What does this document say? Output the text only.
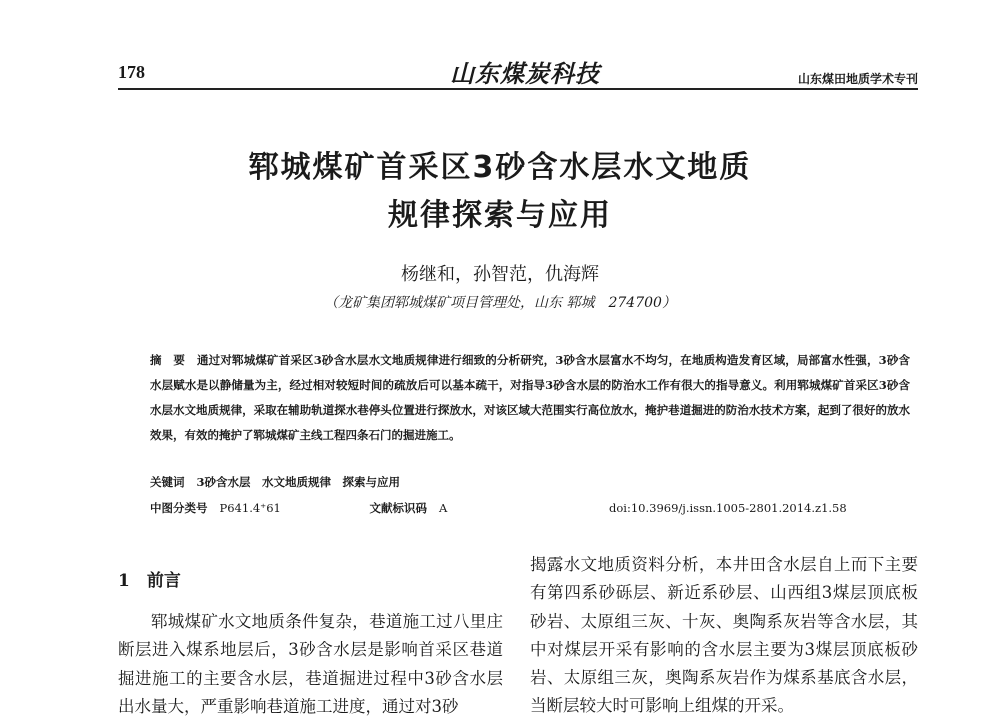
178	山东煤炭科技	山东煤田地质学术专刊
郓城煤矿首采区3砂含水层水文地质
规律探索与应用
杨继和，孙智范，仇海辉
（龙矿集团郓城煤矿项目管理处，山东 郓城　274700）
摘　要 通过对郓城煤矿首采区3砂含水层水文地质规律进行细致的分析研究，3砂含水层富水不均匀，在地质构造发育区域，局部富水性强，3砂含水层赋水是以静储量为主，经过相对较短时间的疏放后可以基本疏干，对指导3砂含水层的防治水工作有很大的指导意义。利用郓城煤矿首采区3砂含水层水文地质规律，采取在辅助轨道探水巷停头位置进行探放水，对该区域大范围实行高位放水，掩护巷道掘进的防治水技术方案，起到了很好的放水效果，有效的掩护了郓城煤矿主线工程四条石门的掘进施工。
关键词 3砂含水层　水文地质规律　探索与应用
中图分类号 P641.4⁺61	文献标识码 A	doi:10.3969/j.issn.1005-2801.2014.z1.58
1　前言
郓城煤矿水文地质条件复杂，巷道施工过八里庄断层进入煤系地层后，3砂含水层是影响首采区巷道掘进施工的主要含水层，巷道掘进过程中3砂含水层出水量大，严重影响巷道施工进度，通过对3砂
揭露水文地质资料分析，本井田含水层自上而下主要有第四系砂砾层、新近系砂层、山西组3煤层顶底板砂岩、太原组三灰、十灰、奥陶系灰岩等含水层，其中对煤层开采有影响的含水层主要为3煤层顶底板砂岩、太原组三灰，奥陶系灰岩作为煤系基底含水层，当断层较大时可影响上组煤的开采。
